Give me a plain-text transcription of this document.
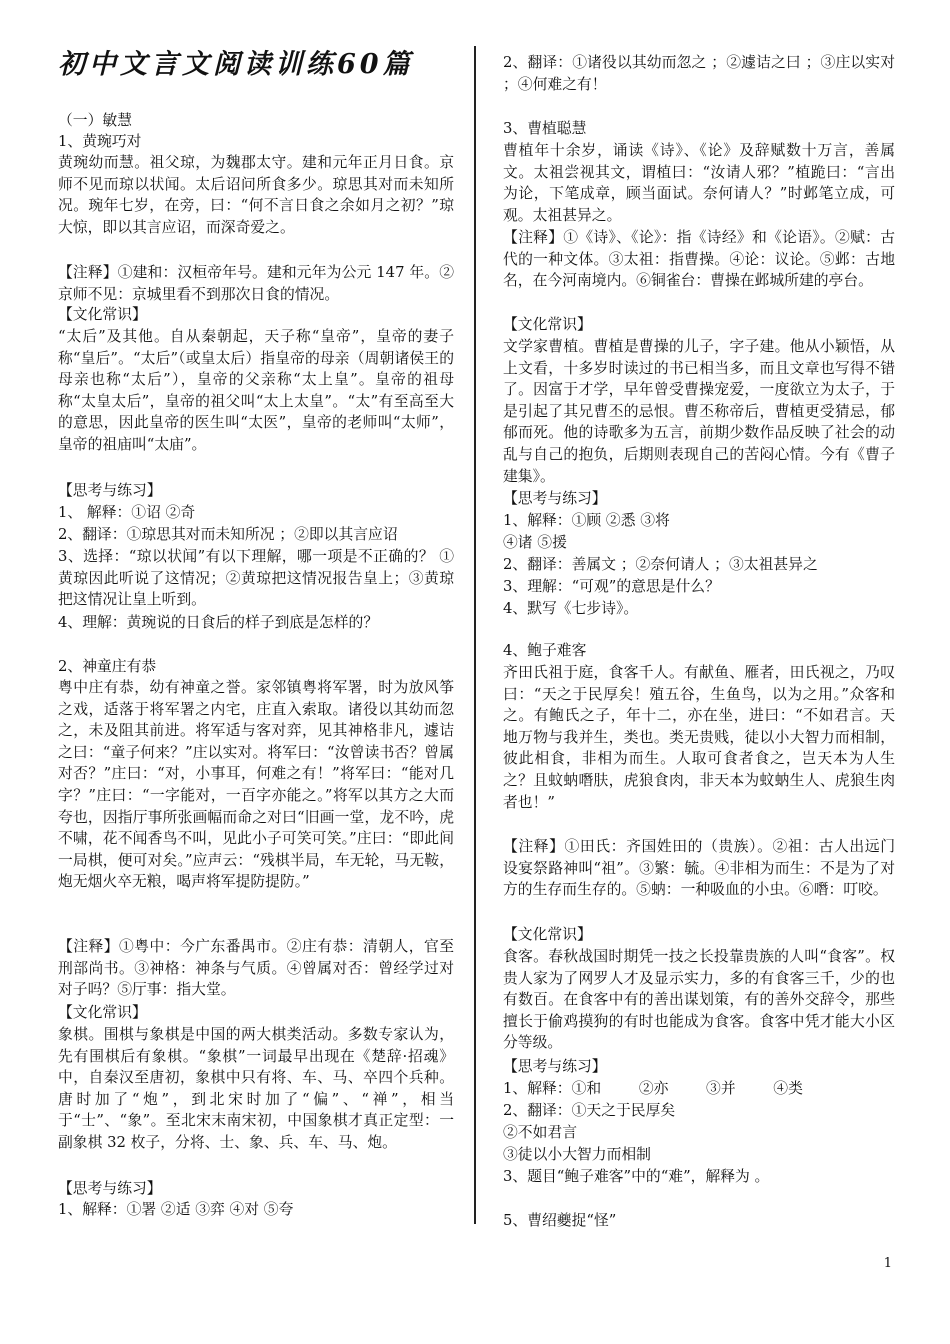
初中文言文阅读训练60篇

（一）敏慧

1、黄琬巧对

黄琬幼而慧。祖父琼，为魏郡太守。建和元年正月日食。京师不见而琼以状闻。太后诏问所食多少。琼思其对而未知所况。琬年七岁，在旁，曰：“何不言日食之余如月之初？”琼大惊，即以其言应诏，而深奇爱之。

【注释】①建和：汉桓帝年号。建和元年为公元 147 年。②京师不见：京城里看不到那次日食的情况。

【文化常识】

“太后”及其他。自从秦朝起，天子称“皇帝”，皇帝的妻子称“皇后”。“太后”（或皇太后）指皇帝的母亲（周朝诸侯王的母亲也称“太后”），皇帝的父亲称“太上皇”。皇帝的祖母称“太皇太后”，皇帝的祖父叫“太上太皇”。“太”有至高至大的意思，因此皇帝的医生叫“太医”，皇帝的老师叫“太师”，皇帝的祖庙叫“太庙”。

【思考与练习】

1、 解释：①诏 ②奇

2、翻译：①琼思其对而未知所况 ；②即以其言应诏

3、选择：“琼以状闻”有以下理解，哪一项是不正确的？ ①黄琼因此听说了这情况；②黄琼把这情况报告皇上；③黄琼把这情况让皇上听到。

4、理解：黄琬说的日食后的样子到底是怎样的？

2、神童庄有恭

粤中庄有恭，幼有神童之誉。家邻镇粤将军署，时为放风筝之戏，适落于将军署之内宅，庄直入索取。诸役以其幼而忽之，未及阻其前进。将军适与客对弈，见其神格非凡，遽诘之曰：“童子何来？”庄以实对。将军曰：“汝曾读书否？曾属对否？”庄曰：“对，小事耳，何难之有！”将军曰：“能对几字？”庄曰：“一字能对，一百字亦能之。”将军以其方之大而夸也，因指厅事所张画幅而命之对曰“旧画一堂，龙不吟，虎不啸，花不闻香鸟不叫，见此小子可笑可笑。”庄曰：“即此间一局棋，便可对矣。”应声云：“残棋半局，车无轮，马无鞍，炮无烟火卒无粮，喝声将军提防提防。”

【注释】①粤中：今广东番禺市。②庄有恭：清朝人，官至刑部尚书。③神格：神条与气质。④曾属对否：曾经学过对对子吗？⑤厅事：指大堂。

【文化常识】

象棋。围棋与象棋是中国的两大棋类活动。多数专家认为，先有围棋后有象棋。“象棋”一词最早出现在《楚辞·招魂》中，自秦汉至唐初，象棋中只有将、车、马、卒四个兵种。唐时加了“炮”，到北宋时加了“偏”、“禅”，相当于“士”、“象”。至北宋末南宋初，中国象棋才真正定型：一副象棋 32 枚子，分将、士、象、兵、车、马、炮。

【思考与练习】

1、解释：①署 ②适 ③弈 ④对 ⑤夸

2、翻译：①诸役以其幼而忽之 ；②遽诘之曰 ；③庄以实对 ；④何难之有！

3、曹植聪慧

曹植年十余岁，诵读《诗》、《论》及辞赋数十万言，善属文。太祖尝视其文，谓植曰：“汝请人邪？”植跪曰：“言出为论，下笔成章，顾当面试。奈何请人？”时邺笔立成，可观。太祖甚异之。

【注释】①《诗》、《论》：指《诗经》和《论语》。②赋：古代的一种文体。③太祖：指曹操。④论：议论。⑤邺：古地名，在今河南境内。⑥铜雀台：曹操在邺城所建的亭台。

【文化常识】

文学家曹植。曹植是曹操的儿子，字子建。他从小颖悟，从上文看，十多岁时读过的书已相当多，而且文章也写得不错了。因富于才学，早年曾受曹操宠爱，一度欲立为太子，于是引起了其兄曹丕的忌恨。曹丕称帝后，曹植更受猜忌，郁郁而死。他的诗歌多为五言，前期少数作品反映了社会的动乱与自己的抱负，后期则表现自己的苦闷心情。今有《曹子建集》。

【思考与练习】

1、解释：①顾 ②悉 ③将

④诸 ⑤援

2、翻译：善属文 ；②奈何请人 ；③太祖甚异之

3、理解：“可观”的意思是什么？

4、默写《七步诗》。

4、鲍子难客

齐田氏祖于庭，食客千人。有献鱼、雁者，田氏视之，乃叹曰：“天之于民厚矣！殖五谷，生鱼鸟，以为之用。”众客和之。有鲍氏之子，年十二，亦在坐，进曰：“不如君言。天地万物与我并生，类也。类无贵贱，徒以小大智力而相制，彼此相食，非相为而生。人取可食者食之，岂天本为人生之？且蚊蚋噆肤，虎狼食肉，非天本为蚊蚋生人、虎狼生肉者也！”

【注释】①田氏：齐国姓田的（贵族）。②祖：古人出远门设宴祭路神叫“祖”。③繁：毓。④非相为而生：不是为了对方的生存而生存的。⑤蚋：一种吸血的小虫。⑥噆：叮咬。

【文化常识】

食客。春秋战国时期凭一技之长投靠贵族的人叫“食客”。权贵人家为了网罗人才及显示实力，多的有食客三千，少的也有数百。在食客中有的善出谋划策，有的善外交辞令，那些擅长于偷鸡摸狗的有时也能成为食客。食客中凭才能大小区分等级。

【思考与练习】

1、解释：①和        ②亦        ③并        ④类

2、翻译：①天之于民厚矣

②不如君言

③徒以小大智力而相制

3、题目“鲍子难客”中的“难”，解释为 。

5、曹绍夔捉“怪”

1
